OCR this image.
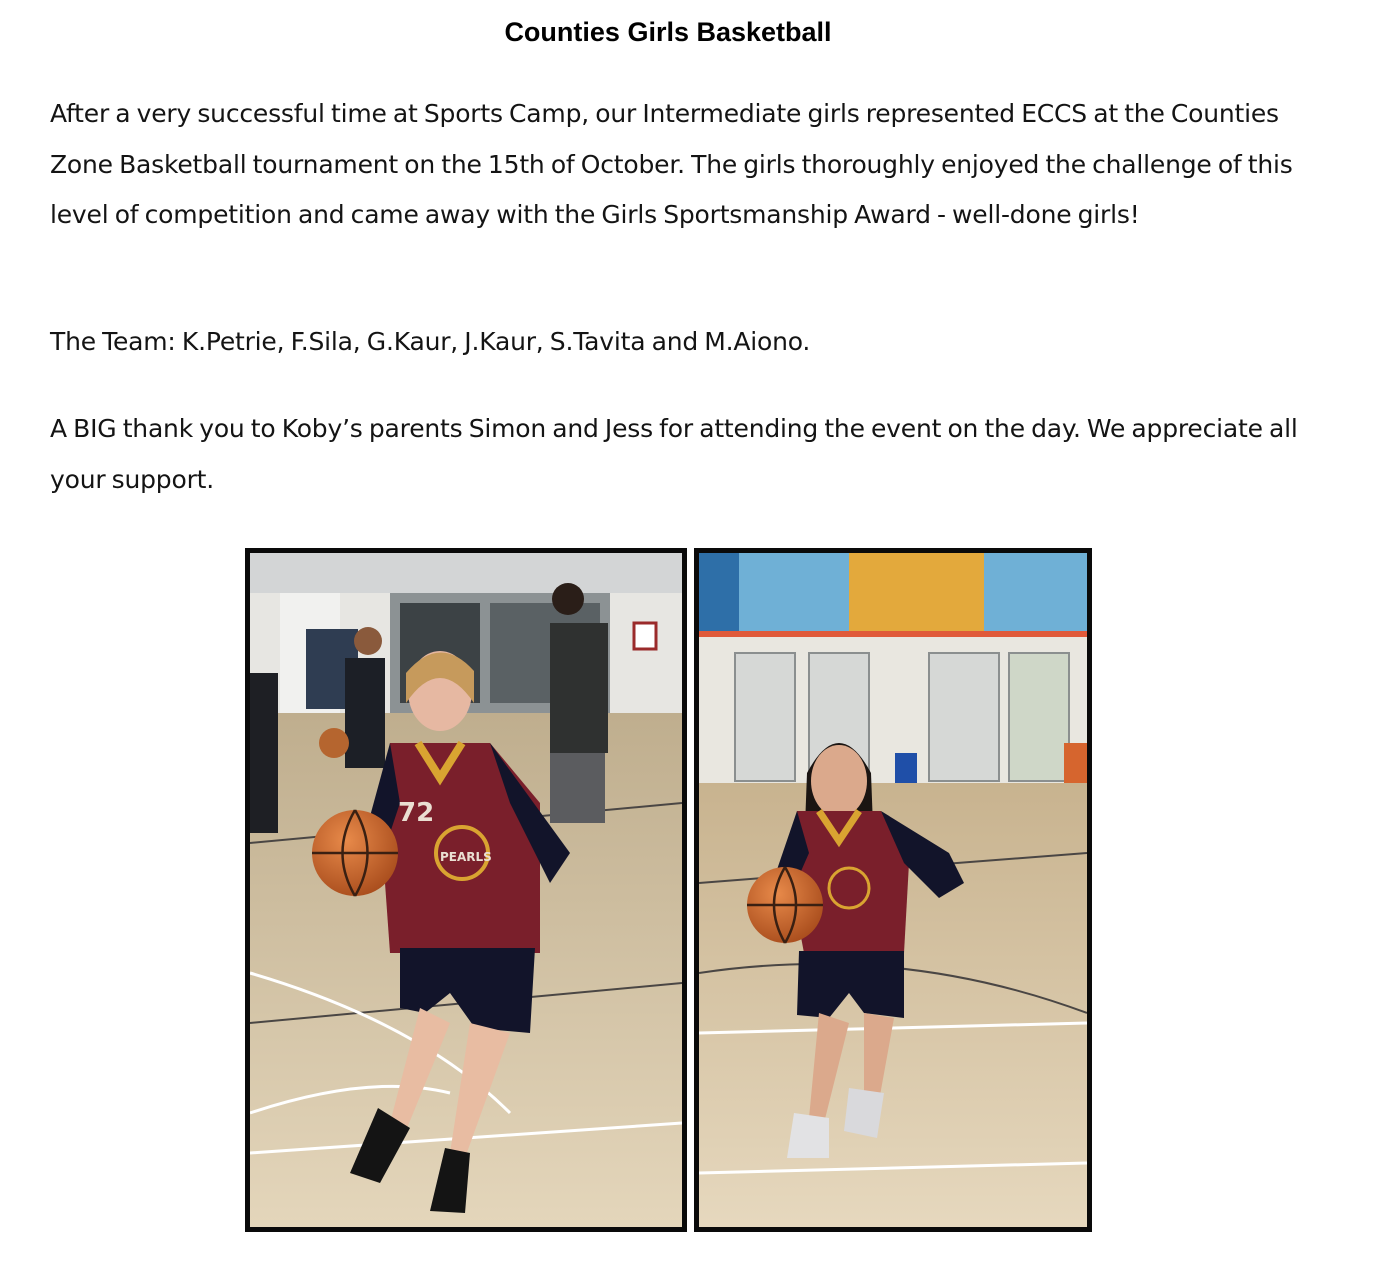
Counties Girls Basketball

After a very successful time at Sports Camp, our Intermediate girls represented ECCS at the Counties Zone Basketball tournament on the 15th of October. The girls thoroughly enjoyed the challenge of this level of competition and came away with the Girls Sportsmanship Award - well-done girls!

The Team: K.Petrie, F.Sila, G.Kaur, J.Kaur, S.Tavita and M.Aiono.

A BIG thank you to Koby’s parents Simon and Jess for attending the event on the day. We appreciate all your support.

72
PEARLS
